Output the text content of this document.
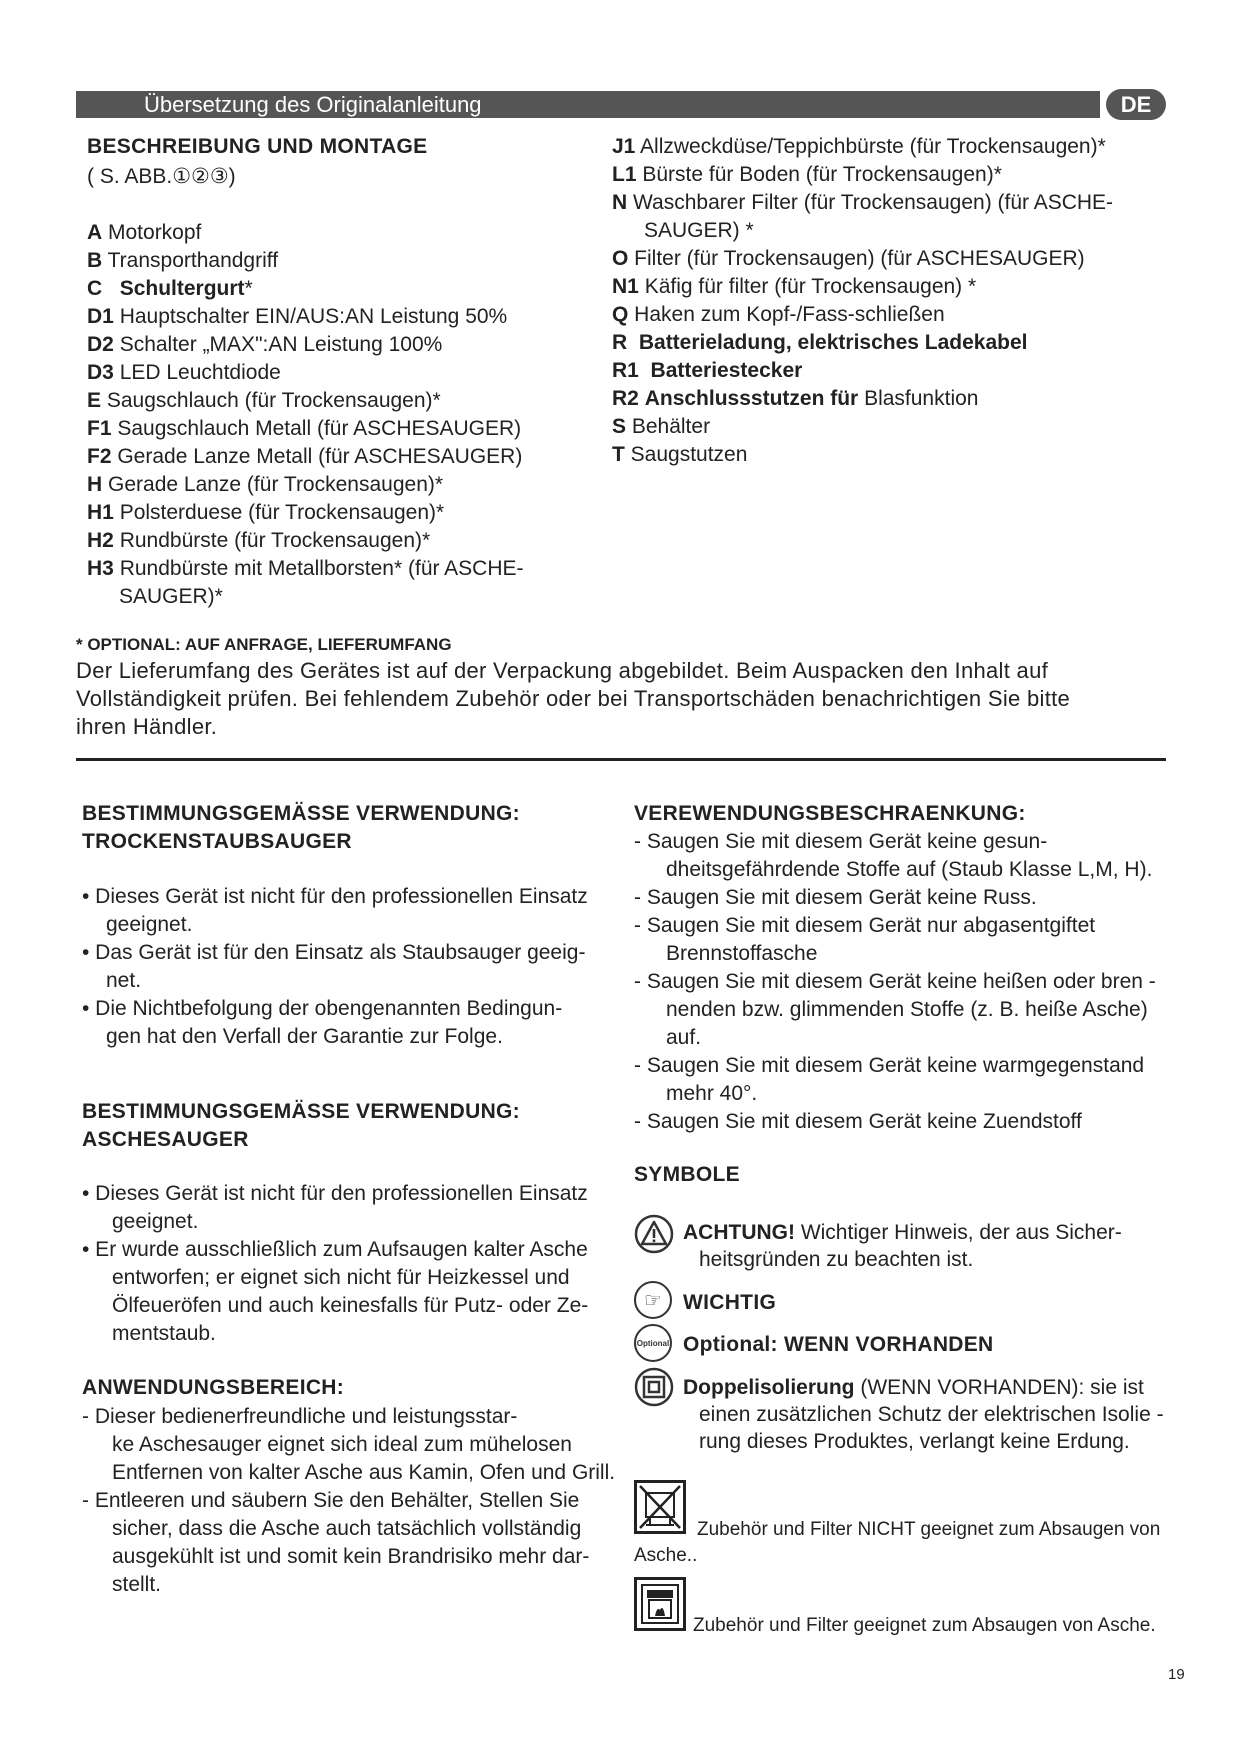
Übersetzung des Originalanleitung	DE
BESCHREIBUNG UND MONTAGE
( S. ABB.①②③)
A Motorkopf
B Transporthandgriff
C Schultergurt*
D1 Hauptschalter EIN/AUS:AN Leistung 50%
D2 Schalter „MAX":AN Leistung 100%
D3 LED Leuchtdiode
E Saugschlauch (für Trockensaugen)*
F1 Saugschlauch Metall (für ASCHESAUGER)
F2 Gerade Lanze Metall (für ASCHESAUGER)
H Gerade Lanze (für Trockensaugen)*
H1 Polsterduese (für Trockensaugen)*
H2 Rundbürste (für Trockensaugen)*
H3 Rundbürste mit Metallborsten* (für ASCHE-
SAUGER)*
J1 Allzweckdüse/Teppichbürste (für Trockensaugen)*
L1 Bürste für Boden (für Trockensaugen)*
N Waschbarer Filter (für Trockensaugen) (für ASCHE-
SAUGER) *
O Filter (für Trockensaugen) (für ASCHESAUGER)
N1 Käfig für filter (für Trockensaugen) *
Q Haken zum Kopf-/Fass-schließen
R Batterieladung, elektrisches Ladekabel
R1 Batteriestecker
R2 Anschlussstutzen für Blasfunktion
S Behälter
T Saugstutzen
* OPTIONAL: AUF ANFRAGE, LIEFERUMFANG
Der Lieferumfang des Gerätes ist auf der Verpackung abgebildet. Beim Auspacken den Inhalt auf
Vollständigkeit prüfen. Bei fehlendem Zubehör oder bei Transportschäden benachrichtigen Sie bitte
ihren Händler.
BESTIMMUNGSGEMÄSSE VERWENDUNG:
TROCKENSTAUBSAUGER
• Dieses Gerät ist nicht für den professionellen Einsatz
geeignet.
• Das Gerät ist für den Einsatz als Staubsauger geeig-
net.
• Die Nichtbefolgung der obengenannten Bedingun-
gen hat den Verfall der Garantie zur Folge.
BESTIMMUNGSGEMÄSSE VERWENDUNG:
ASCHESAUGER
• Dieses Gerät ist nicht für den professionellen Einsatz
geeignet.
• Er wurde ausschließlich zum Aufsaugen kalter Asche
entworfen; er eignet sich nicht für Heizkessel und
Ölfeueröfen und auch keinesfalls für Putz- oder Ze-
mentstaub.
ANWENDUNGSBEREICH:
- Dieser bedienerfreundliche und leistungsstar-
ke Aschesauger eignet sich ideal zum mühelosen
Entfernen von kalter Asche aus Kamin, Ofen und Grill.
- Entleeren und säubern Sie den Behälter, Stellen Sie
sicher, dass die Asche auch tatsächlich vollständig
ausgekühlt ist und somit kein Brandrisiko mehr dar-
stellt.
VEREWENDUNGSBESCHRAENKUNG:
- Saugen Sie mit diesem Gerät keine gesun-
dheitsgefährdende Stoffe auf (Staub Klasse L,M, H).
- Saugen Sie mit diesem Gerät keine Russ.
- Saugen Sie mit diesem Gerät nur abgasentgiftet
Brennstoffasche
- Saugen Sie mit diesem Gerät keine heißen oder bren -
nenden bzw. glimmenden Stoffe (z. B. heiße Asche)
auf.
- Saugen Sie mit diesem Gerät keine warmgegenstand
mehr 40°.
- Saugen Sie mit diesem Gerät keine Zuendstoff
SYMBOLE
ACHTUNG! Wichtiger Hinweis, der aus Sicher-
heitsgründen zu beachten ist.
☞	WICHTIG
Optional Optional: WENN VORHANDEN
Doppelisolierung (WENN VORHANDEN): sie ist
einen zusätzlichen Schutz der elektrischen Isolie -
rung dieses Produktes, verlangt keine Erdung.
Zubehör und Filter NICHT geeignet zum Absaugen von
Asche..
Zubehör und Filter geeignet zum Absaugen von Asche.
19
